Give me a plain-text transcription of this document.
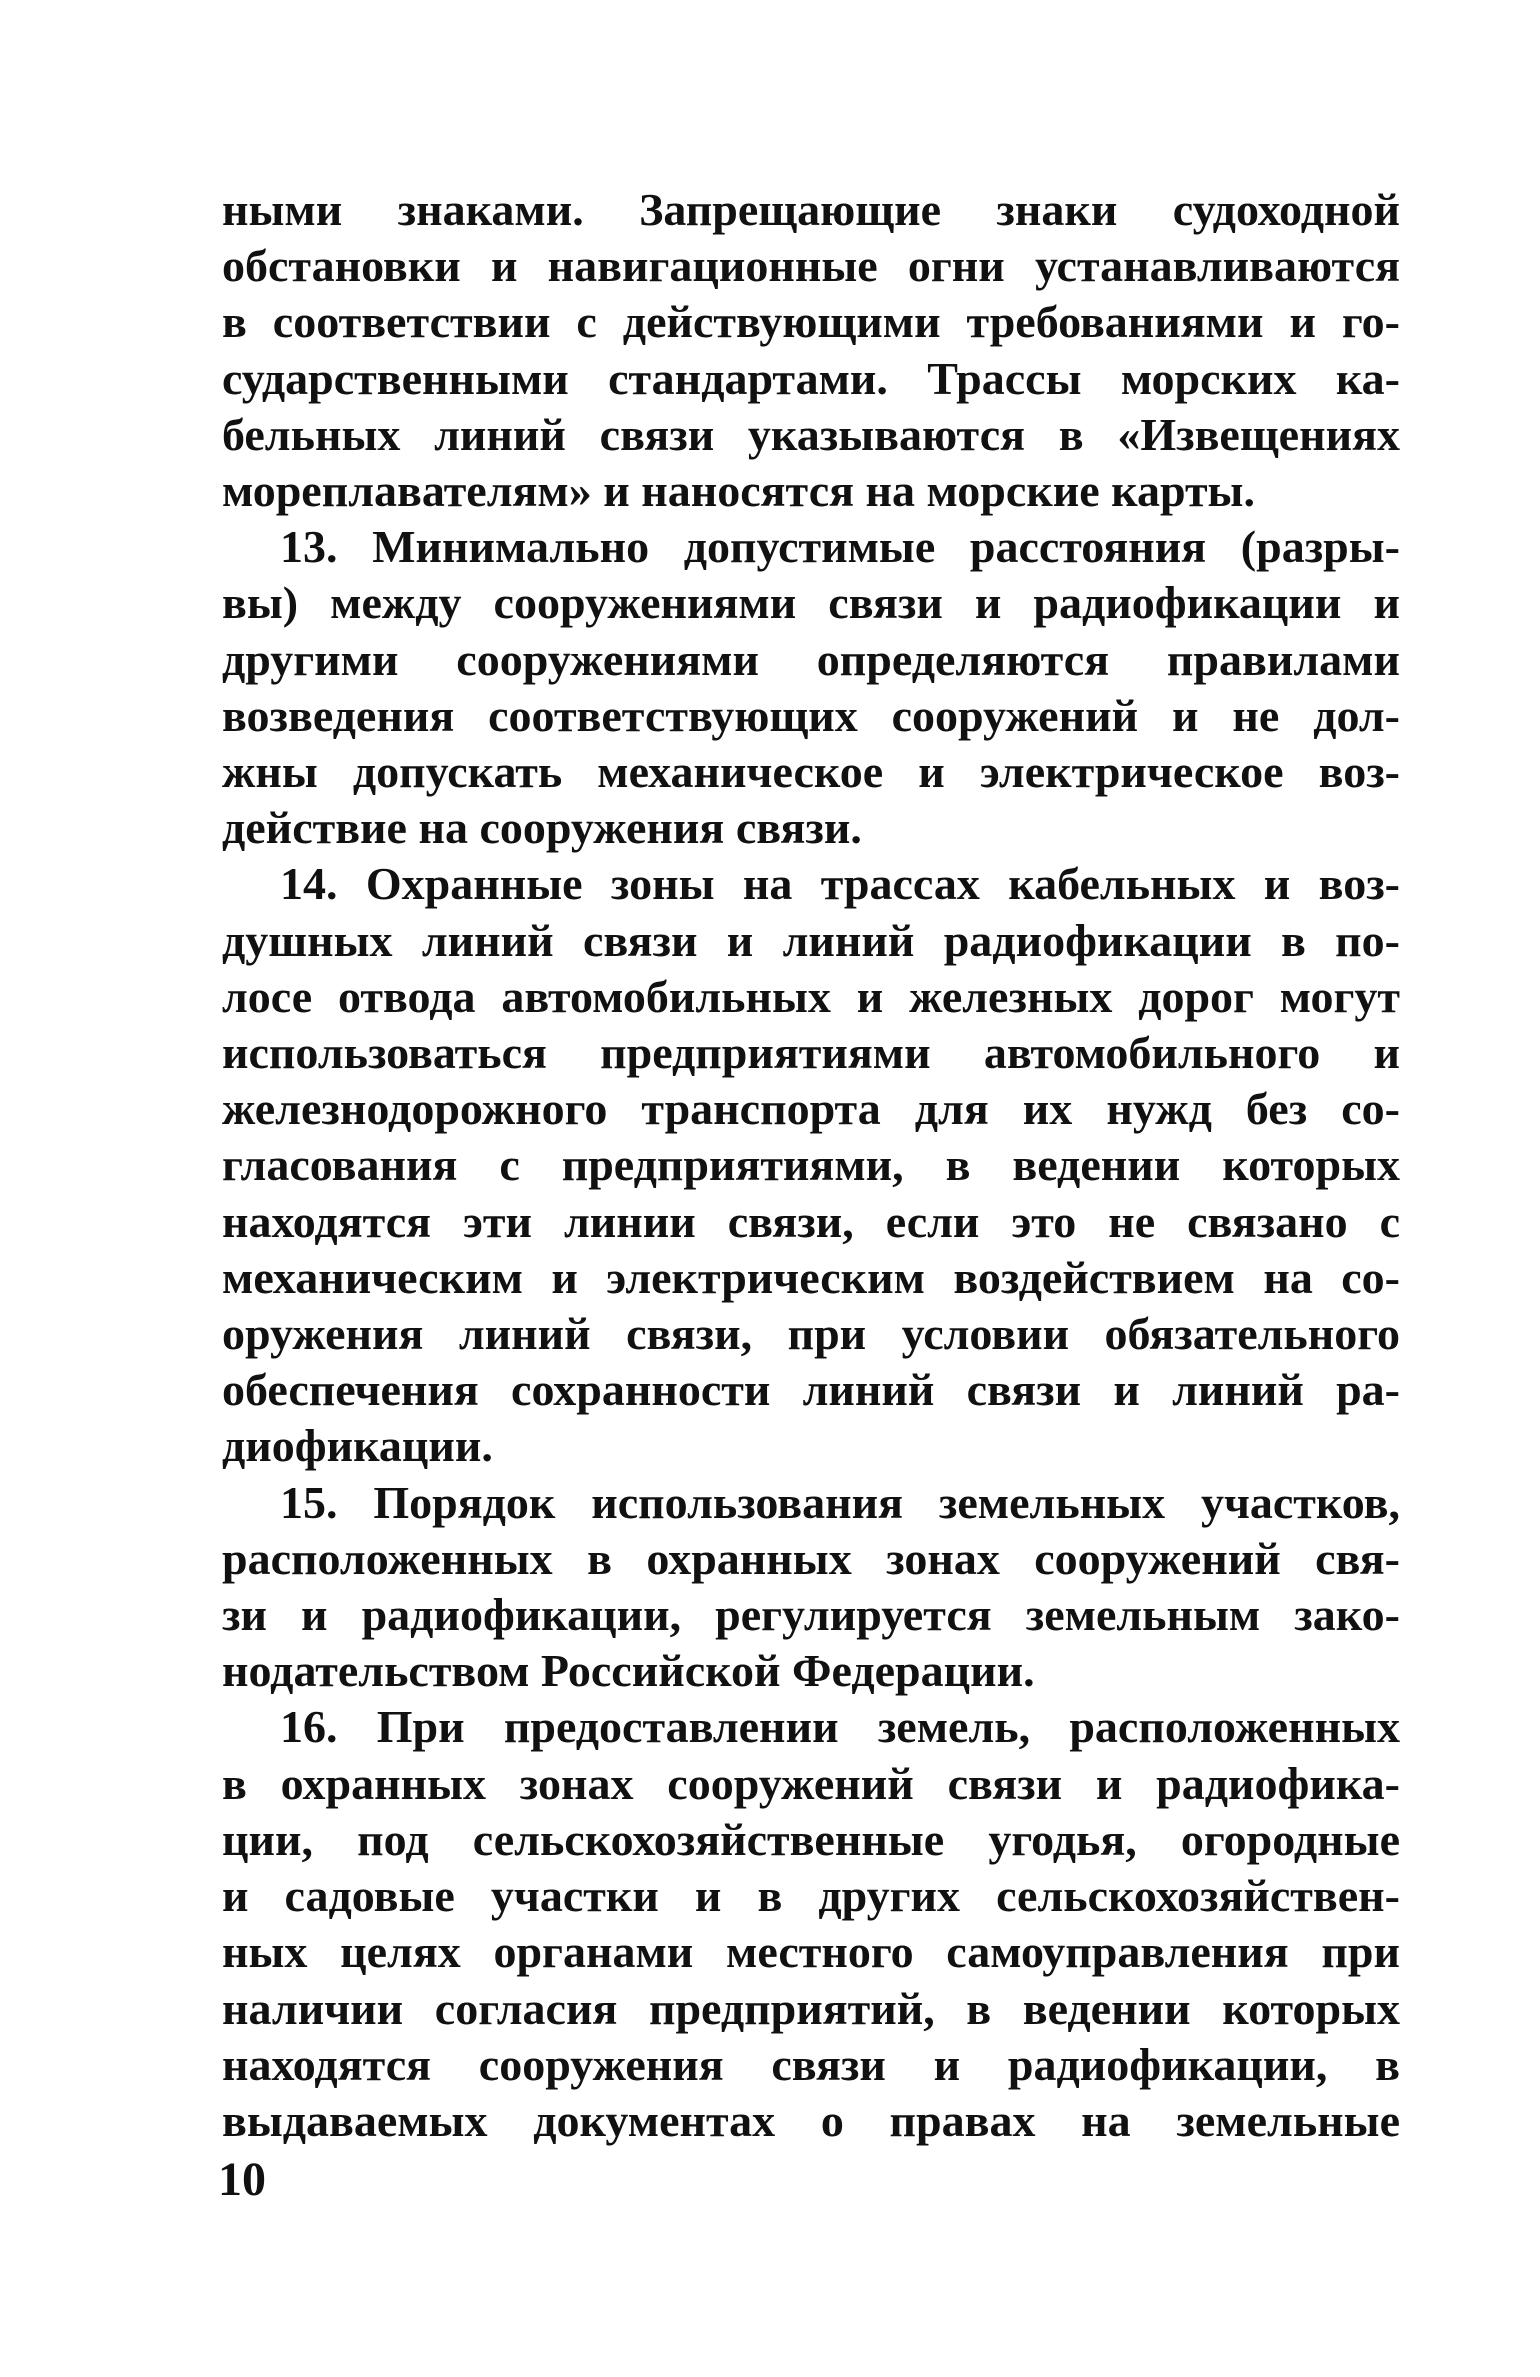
ными знаками. Запрещающие знаки судоходной
обстановки и навигационные огни устанавливаются
в соответствии с действующими требованиями и го-
сударственными стандартами. Трассы морских ка-
бельных линий связи указываются в «Извещениях
мореплавателям» и наносятся на морские карты.
13. Минимально допустимые расстояния (разры-
вы) между сооружениями связи и радиофикации и
другими сооружениями определяются правилами
возведения соответствующих сооружений и не дол-
жны допускать механическое и электрическое воз-
действие на сооружения связи.
14. Охранные зоны на трассах кабельных и воз-
душных линий связи и линий радиофикации в по-
лосе отвода автомобильных и железных дорог могут
использоваться предприятиями автомобильного и
железнодорожного транспорта для их нужд без со-
гласования с предприятиями, в ведении которых
находятся эти линии связи, если это не связано с
механическим и электрическим воздействием на со-
оружения линий связи, при условии обязательного
обеспечения сохранности линий связи и линий ра-
диофикации.
15. Порядок использования земельных участков,
расположенных в охранных зонах сооружений свя-
зи и радиофикации, регулируется земельным зако-
нодательством Российской Федерации.
16. При предоставлении земель, расположенных
в охранных зонах сооружений связи и радиофика-
ции, под сельскохозяйственные угодья, огородные
и садовые участки и в других сельскохозяйствен-
ных целях органами местного самоуправления при
наличии согласия предприятий, в ведении которых
находятся сооружения связи и радиофикации, в
выдаваемых документах о правах на земельные
10
